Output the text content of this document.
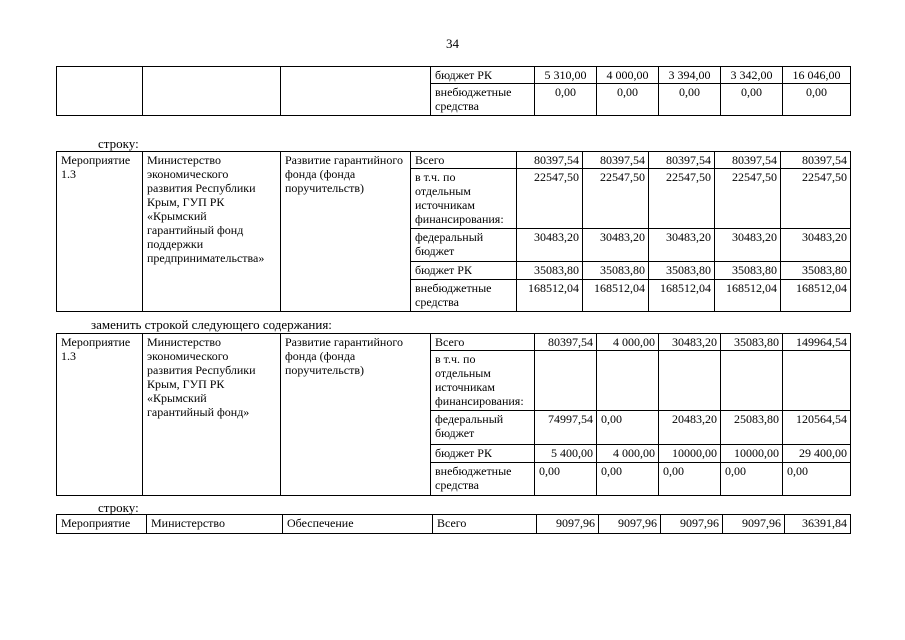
34
			бюджет РК	5 310,00	4 000,00	3 394,00	3 342,00	16 046,00
			внебюджетные средства	0,00	0,00	0,00	0,00	0,00
строку:
Мероприятие 1.3	Министерство экономического развития Республики Крым, ГУП РК «Крымский гарантийный фонд поддержки предпринимательства»	Развитие гарантийного фонда (фонда поручительств)	Всего	80397,54	80397,54	80397,54	80397,54	80397,54
			в т.ч. по отдельным источникам финансирования:	22547,50	22547,50	22547,50	22547,50	22547,50
			федеральный бюджет	30483,20	30483,20	30483,20	30483,20	30483,20
			бюджет РК	35083,80	35083,80	35083,80	35083,80	35083,80
			внебюджетные средства	168512,04	168512,04	168512,04	168512,04	168512,04
заменить строкой следующего содержания:
Мероприятие 1.3	Министерство экономического развития Республики Крым, ГУП РК «Крымский гарантийный фонд»	Развитие гарантийного фонда (фонда поручительств)	Всего	80397,54	4 000,00	30483,20	35083,80	149964,54
			в т.ч. по отдельным источникам финансирования:					
			федеральный бюджет	74997,54	0,00	20483,20	25083,80	120564,54
			бюджет РК	5 400,00	4 000,00	10000,00	10000,00	29 400,00
			внебюджетные средства	0,00	0,00	0,00	0,00	0,00
строку:
Мероприятие	Министерство	Обеспечение	Всего	9097,96	9097,96	9097,96	9097,96	36391,84
